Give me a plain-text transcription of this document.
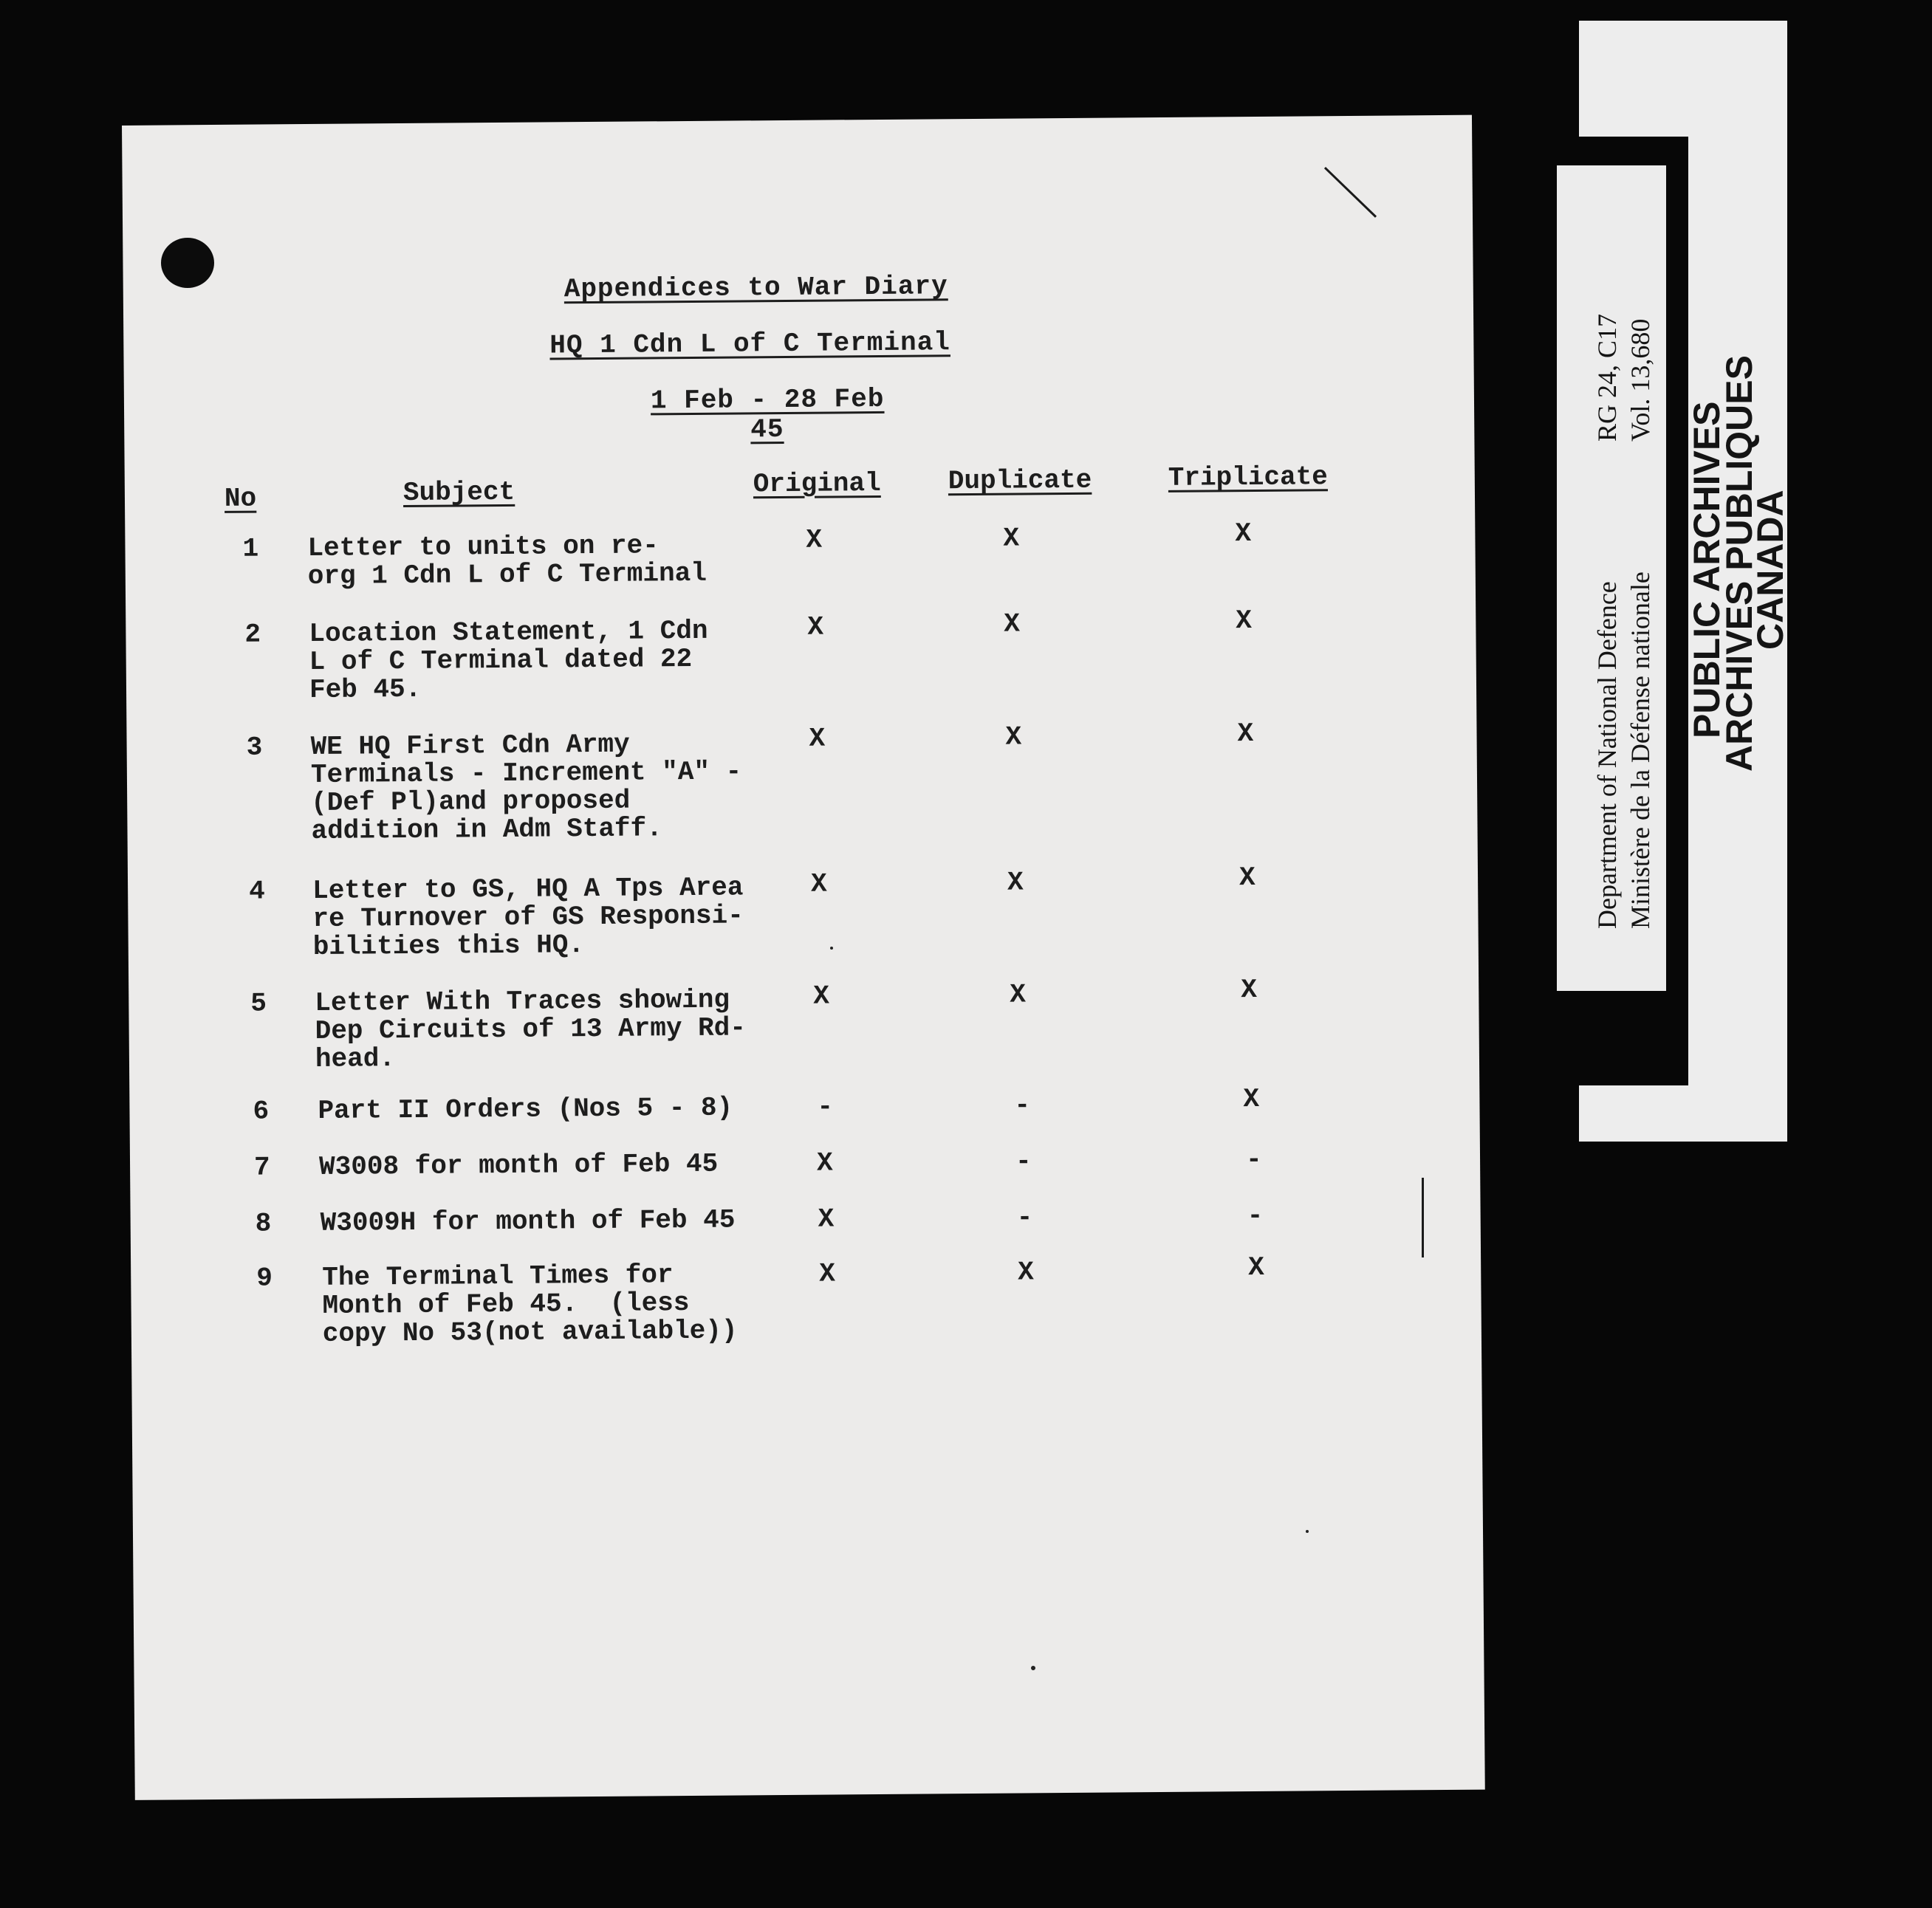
Appendices to War Diary
HQ 1 Cdn L of C Terminal
1 Feb - 28 Feb
45
No	Subject	Original	Duplicate	Triplicate
1 Letter to units on re-
org 1 Cdn L of C Terminal
X	X	X
2 Location Statement, 1 Cdn
L of C Terminal dated 22
Feb 45.
X	X	X
3 WE HQ First Cdn Army
Terminals - Increment "A" -
(Def Pl)and proposed
addition in Adm Staff.
X	X	X
4 Letter to GS, HQ A Tps Area
re Turnover of GS Responsi-
bilities this HQ.
X	X	X
5 Letter With Traces showing
Dep Circuits of 13 Army Rd-
head.
X	X	X
6 Part II Orders (Nos 5 - 8)	-	-	X
7 W3008 for month of Feb 45	X	-	-
8 W3009H for month of Feb 45	X	-	-
9 The Terminal Times for
Month of Feb 45.  (less
copy No 53(not available))
X	X	X
Department of National Defence Ministère de la Défense nationale
RG 24, C17 Vol. 13,680
PUBLIC ARCHIVES
ARCHIVES PUBLIQUES
CANADA
